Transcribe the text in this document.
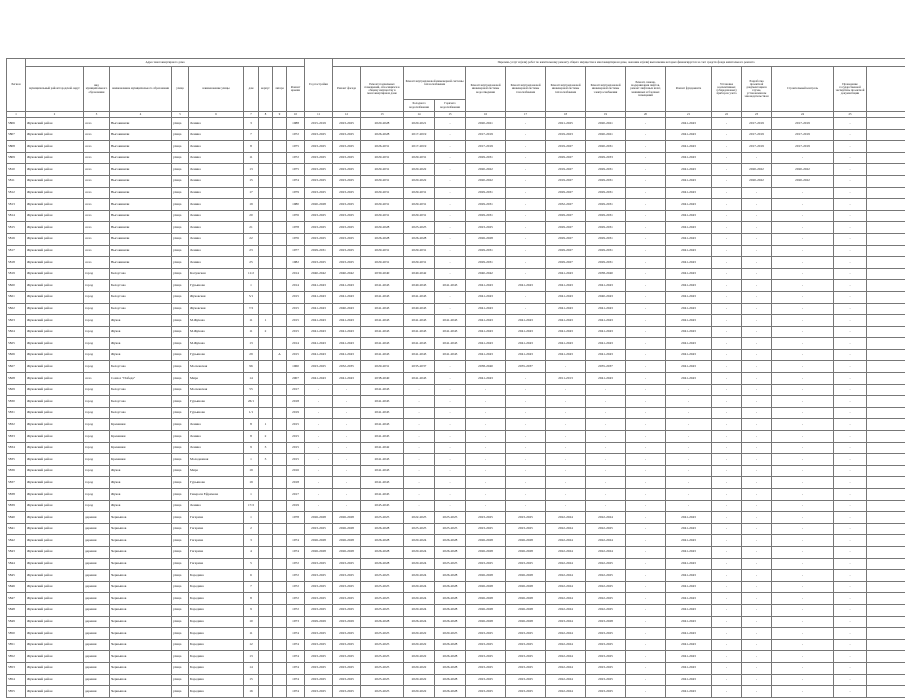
Регион	Адрес многоквартирного дома									Год постройки	Перечень услуг и (или) работ по капитальному ремонту общего имущества в многоквартирном доме, оказание и (или) выполнение которых финансируется за счет средств фонда капитального ремонта														
	муниципальный район/городской округ	вид муниципального образования	наименование муниципального образования	улица	наименование улицы	дом	корпус	литера	Ремонт крыши		Ремонт фасада	Ремонт подвальных помещений, относящихся к общему имуществу в многоквартирном доме	Ремонт внутридомовой инженерной системы теплоснабжения		Ремонт внутридомовой инженерной системы водоотведения	Ремонт внутридомовой инженерной системы газоснабжения	Ремонт внутридомовой инженерной системы теплоснабжения	Ремонт внутридомовой инженерной системы электроснабжения	Ремонт, замена, модернизация лифтов, ремонт лифтовых шахт, машинных и блочных помещений	Ремонт фундамента	Установка коллективных (общедомовых) приборов учета	Разработка проектной документации в случае, установленном законодательством	Строительный контроль	Проведение государственной экспертизы проектной документации	
													Холодного водоснабжения	Горячего водоснабжения											
1	2	3	4	5	6	7	8	9	10	11	12	13	14	15	16	17	18	19	20	21	22	23	24	25	
5806	Жуковский район	село	Высокиничи	улица	Ленина	3			1988	2015-2019	2023-2025	2020-2028	2020-2021	-	2020-2021	-	2021-2025	2020-2021	-	2041-2043	-	2017-2019	2017-2019	-	
5807	Жуковский район	село	Высокиничи	улица	Ленина	7			1972	2023-2025	2023-2025	2026-2028	2017-2019	-	2017-2019	-	2019-2023	2020-2021	-	2041-2043	-	2017-2019	2017-2019	-	
5808	Жуковский район	село	Высокиничи	улица	Ленина	8			1975	2023-2025	2023-2025	2026-2031	2017-2019	-	2017-2019	-	2019-2027	2020-2031	-	2041-2043	-	2017-2019	2017-2019	-	
5809	Жуковский район	село	Высокиничи	улица	Ленина	11			1972	2023-2025	2023-2025	2029-2031	2029-2031	-	2029-2031	-	2029-2027	2029-2033	-	2041-2043	-	-	-	-	
5810	Жуковский район	село	Высокиничи	улица	Ленина	13			1975	2023-2025	2023-2025	2029-2031	2020-2022	-	2020-2022	-	2019-2027	2029-2031	-	2041-2043	-	2020-2022	2020-2022	-	
5811	Жуковский район	село	Высокиничи	улица	Ленина	15			1974	2023-2025	2023-2025	2029-2031	2020-2022	-	2020-2022	-	2019-2027	2029-2031	-	2041-2043	-	2020-2022	2020-2022	-	
5812	Жуковский район	село	Высокиничи	улица	Ленина	17			1979	2023-2025	2023-2025	2029-2031	2029-2031	-	2029-2031	-	2029-2027	2029-2031	-	2041-2043	-	-	-	-	
5813	Жуковский район	село	Высокиничи	улица	Ленина	19			1980	2020-2028	2023-2025	2029-2031	2029-2031	-	2029-2031	-	2032-2027	2029-2031	-	2041-2043	-	-	-	-	
5814	Жуковский район	село	Высокиничи	улица	Ленина	20			1976	2023-2025	2023-2025	2029-2031	2029-2031	-	2029-2031	-	2029-2027	2029-2031	-	2041-2043	-	-	-	-	
5815	Жуковский район	село	Высокиничи	улица	Ленина	21			1978	2023-2025	2023-2025	2029-2028	2023-2025	-	2023-2025	-	2029-2027	2029-2031	-	2041-2043	-	-	-	-	
5816	Жуковский район	село	Высокиничи	улица	Ленина	22			1976	2023-2025	2023-2025	2026-2028	2026-2028	-	2026-2028	-	2029-2027	2029-2031	-	2041-2043	-	-	-	-	
5817	Жуковский район	село	Высокиничи	улица	Ленина	23			1977	2029-2031	2023-2025	2029-2031	2029-2031	-	2029-2031	-	2029-2027	2029-2031	-	2041-2043	-	-	-	-	
5818	Жуковский район	село	Высокиничи	улица	Ленина	25			1982	2023-2025	2023-2025	2029-2031	2029-2031	-	2029-2031	-	2029-2027	2029-2031	-	2041-2043	-	-	-	-	
5819	Жуковский район	город	Белоусово	улица	Калужская	11/2			2014	2040-2042	2040-2042	2030-2040	2040-2042	-	2040-2042	-	2041-2043	2038-2040	-	2041-2043	-	-	-	-	
5820	Жуковский район	город	Белоусово	улица	Гурьянова	1			2014	2041-2043	2041-2043	2041-2043	2040-2043	2041-2043	2041-2043	2041-2043	2041-2043	2041-2043	-	2041-2043	-	-	-	-	
5821	Жуковский район	город	Белоусово	улица	Жуковская	5/1			2015	2041-2043	2041-2043	2041-2043	2041-2043	-	2041-2043	-	2041-2043	2040-2043	-	2041-2043	-	-	-	-	
5822	Жуковский район	город	Белоусово	улица	Жуковская	7/2			2015	2041-2043	2040-2043	2041-2043	2040-2043	-	2041-2043	-	2041-2043	2041-2043	-	2041-2043	-	-	-	-	
5823	Жуковский район	город	Жуков	улица	М.Жукова	11	1		2015	2041-2043	2041-2043	2041-2043	2041-2043	2041-2043	2041-2043	2041-2043	2041-2043	2041-2043	-	2041-2043	-	-	-	-	
5824	Жуковский район	город	Жуков	улица	М.Жукова	11	2		2015	2041-2043	2041-2043	2041-2043	2041-2043	2041-2043	2041-2043	2041-2043	2041-2043	2041-2043	-	2041-2043	-	-	-	-	
5825	Жуковский район	город	Жуков	улица	М.Жукова	13			2014	2041-2043	2041-2043	2041-2043	2041-2043	2041-2043	2041-2043	2041-2043	2041-2043	2041-2043	-	2041-2043	-	-	-	-	
5826	Жуковский район	город	Жуков	улица	Гурьянова	29		А	2015	2041-2043	2041-2043	2041-2043	2041-2043	2041-2043	2041-2043	2041-2043	2041-2043	2041-2043	-	2041-2043	-	-	-	-	
5827	Жуковский район	город	Белоусово	улица	Московская	96			1960	2023-2025	2032-2035	2029-2031	2035-2037	-	2038-2040	2035-2037	-	2035-2037	-	2041-2043	-	-	-	-	
5828	Жуковский район	село	Совхоз "Победа"	улица	Мира	14			2007	2041-2043	2041-2043	2038-2040	2041-2043	-	2041-2043	-	2011-2013	2041-2043	-	2041-2043	-	-	-	-	
5829	Жуковский район	город	Белоусово	улица	Московская	55			2017	-	-	2041-2043	-	-	-	-	-	-	-	-	-	-	-	-	
5830	Жуковский район	город	Белоусово	улица	Гурьянова	26/1			2018	-	-	2041-2045	-	-	-	-	-	-	-	-	-	-	-	-	
5831	Жуковский район	город	Белоусово	улица	Гурьянова	1/1			2019	-	-	2041-2045	-	-	-	-	-	-	-	-	-	-	-	-	
5832	Жуковский район	город	Кременки	улица	Ленина	8	1		2015	-	-	2041-2043	-	-	-	-	-	-	-	-	-	-	-	-	
5833	Жуковский район	город	Кременки	улица	Ленина	8	2		2015	-	-	2041-2045	-	-	-	-	-	-	-	-	-	-	-	-	
5834	Жуковский район	город	Кременки	улица	Ленина	9	3		2015	-	-	2041-2042	-	-	-	-	-	-	-	-	-	-	-	-	
5835	Жуковский район	город	Кременки	улица	Молодежная	1	3		2015	-	-	2041-2043	-	-	-	-	-	-	-	-	-	-	-	-	
5836	Жуковский район	город	Жуков	улица	Мира	19			2016	-	-	2041-2043	-	-	-	-	-	-	-	-	-	-	-	-	
5837	Жуковский район	город	Жуков	улица	Гурьянова	19			2018	-	-	2041-2043	-	-	-	-	-	-	-	-	-	-	-	-	
5838	Жуковский район	город	Жуков	улица	Генерала Ефремова	1			2017	-	-	2041-2045	-	-	-	-	-	-	-	-	-	-	-	-	
5839	Жуковский район	город	Жуков	улица	Ленина	17/2			2019	-	-	2045-2045	-	-	-	-	-	-	-	-	-	-	-	-	
5840	Жуковский район	деревня	Чернышов	улица	Гагарина	1			1978	2026-2028	2026-2028	2023-2025	2022-2025	2023-2025	2023-2025	2023-2025	2022-2024	2022-2024	-	2041-2043	-	-	-	-	
5841	Жуковский район	деревня	Чернышов	улица	Гагарина	2				2023-2025	2026-2028	2026-2028	2023-2025	2023-2025	2023-2025	2023-2025	2022-2024	2022-2025	-	2041-2043	-	-	-	-	
5842	Жуковский район	деревня	Чернышов	улица	Гагарина	3			1974	2026-2028	2026-2028	2026-2028	2020-2024	2026-2028	2026-2028	2026-2028	2022-2024	2022-2024	-	2041-2043	-	-	-	-	
5843	Жуковский район	деревня	Чернышов	улица	Гагарина	4			1974	2026-2028	2026-2028	2026-2028	2020-2024	2026-2028	2026-2028	2026-2028	2022-2024	2022-2024	-	2041-2043	-	-	-	-	
5844	Жуковский район	деревня	Чернышов	улица	Гагарина	5			1972	2023-2025	2023-2025	2026-2028	2020-2024	2023-2025	2023-2025	2023-2025	2022-2024	2022-2025	-	2041-2043	-	-	-	-	
5845	Жуковский район	деревня	Чернышов	улица	Бородина	6			1972	2023-2025	2023-2025	2023-2025	2020-2024	2026-2028	2026-2028	2026-2028	2022-2024	2022-2025	-	2041-2043	-	-	-	-	
5846	Жуковский район	деревня	Чернышов	улица	Бородина	7			1972	2023-2025	2023-2025	2023-2025	2020-2024	2026-2028	2026-2028	2026-2028	2022-2024	2022-2025	-	2041-2043	-	-	-	-	
5847	Жуковский район	деревня	Чернышов	улица	Бородина	8			1972	2023-2025	2023-2025	2023-2025	2020-2024	2026-2028	2026-2028	2026-2028	2022-2024	2022-2025	-	2041-2043	-	-	-	-	
5848	Жуковский район	деревня	Чернышов	улица	Бородина	9			1972	2023-2025	2023-2025	2023-2025	2020-2024	2026-2028	2026-2028	2026-2028	2022-2024	2022-2025	-	2041-2043	-	-	-	-	
5849	Жуковский район	деревня	Чернышов	улица	Бородина	10			1973	2029-2029	2023-2029	2026-2028	2026-2024	2026-2028	2026-2028	2026-2028	2023-2024	2023-2028	-	2041-2043	-	-	-	-	
5850	Жуковский район	деревня	Чернышов	улица	Бородина	11			1974	2023-2025	2023-2025	2023-2025	2020-2022	2020-2025	2023-2025	2023-2025	2022-2024	2023-2025	-	2041-2043	-	-	-	-	
5851	Жуковский район	деревня	Чернышов	улица	Бородина	12			1974	2023-2025	2023-2025	2023-2025	2020-2022	2026-2028	2023-2025	2023-2025	2022-2024	2023-2025	-	2041-2043	-	-	-	-	
5852	Жуковский район	деревня	Чернышов	улица	Бородина	13			1974	2023-2025	2023-2025	2023-2025	2020-2022	2026-2028	2023-2025	2023-2025	2022-2024	2023-2025	-	2041-2043	-	-	-	-	
5853	Жуковский район	деревня	Чернышов	улица	Бородина	14			1974	2023-2025	2023-2025	2023-2025	2020-2022	2026-2028	2023-2025	2023-2025	2022-2024	2023-2025	-	2041-2043	-	-	-	-	
5854	Жуковский район	деревня	Чернышов	улица	Бородина	15			1974	2023-2025	2023-2025	2023-2025	2020-2022	2026-2028	2023-2025	2023-2025	2022-2024	2023-2025	-	2041-2043	-	-	-	-	
5855	Жуковский район	деревня	Чернышов	улица	Бородина	16			1974	2023-2025	2023-2025	2023-2025	2020-2022	2026-2028	2023-2025	2023-2025	2022-2024	2023-2025	-	2041-2043	-	-	-	-	
